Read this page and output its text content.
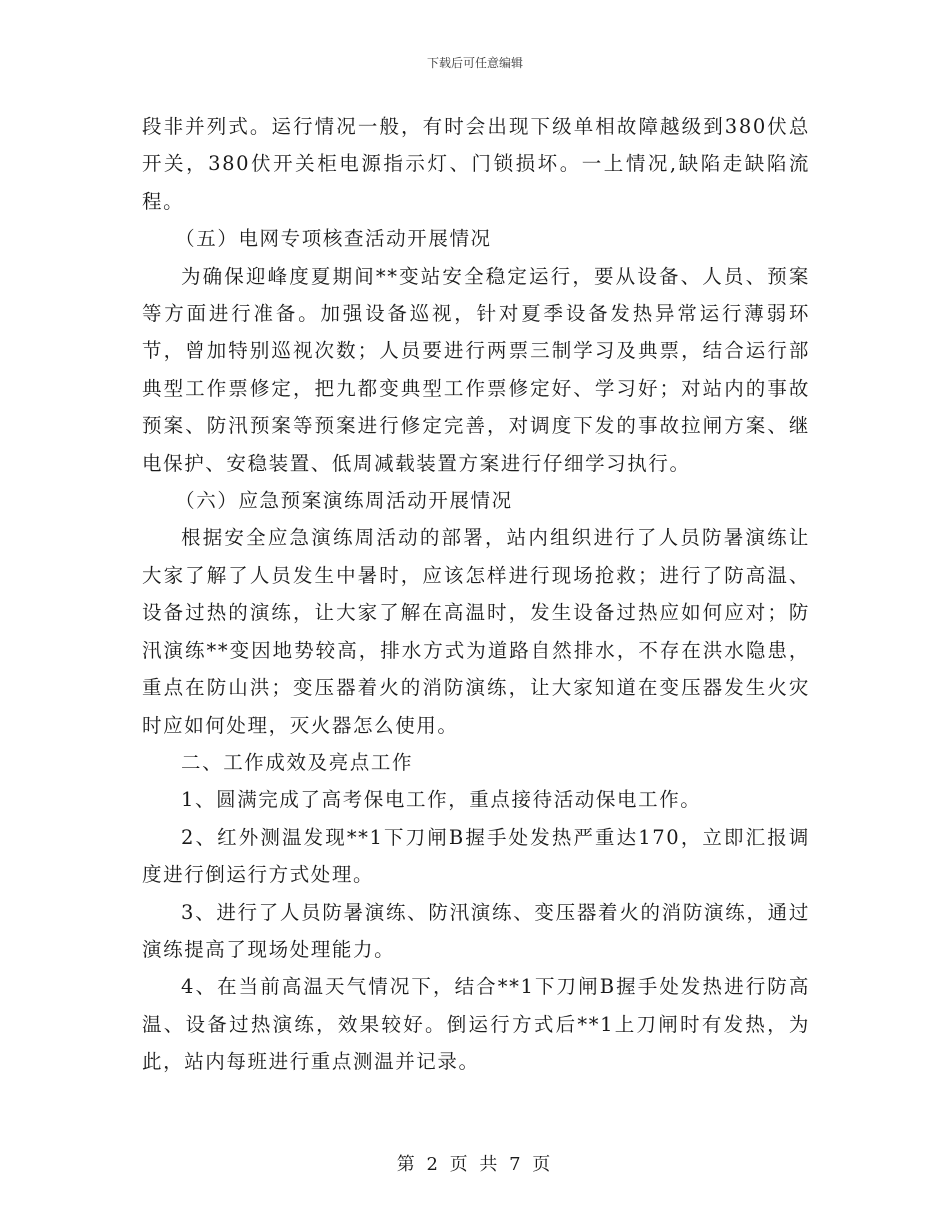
下载后可任意编辑

段非并列式。运行情况一般，有时会出现下级单相故障越级到380伏总开关，380伏开关柜电源指示灯、门锁损坏。一上情况,缺陷走缺陷流程。

（五）电网专项核查活动开展情况

为确保迎峰度夏期间**变站安全稳定运行，要从设备、人员、预案等方面进行准备。加强设备巡视，针对夏季设备发热异常运行薄弱环节，曾加特别巡视次数；人员要进行两票三制学习及典票，结合运行部典型工作票修定，把九都变典型工作票修定好、学习好；对站内的事故预案、防汛预案等预案进行修定完善，对调度下发的事故拉闸方案、继电保护、安稳装置、低周减载装置方案进行仔细学习执行。

（六）应急预案演练周活动开展情况

根据安全应急演练周活动的部署，站内组织进行了人员防暑演练让大家了解了人员发生中暑时，应该怎样进行现场抢救；进行了防高温、设备过热的演练，让大家了解在高温时，发生设备过热应如何应对；防汛演练**变因地势较高，排水方式为道路自然排水，不存在洪水隐患，重点在防山洪；变压器着火的消防演练，让大家知道在变压器发生火灾时应如何处理，灭火器怎么使用。

二、工作成效及亮点工作

1、圆满完成了高考保电工作，重点接待活动保电工作。

2、红外测温发现**1下刀闸B握手处发热严重达170，立即汇报调度进行倒运行方式处理。

3、进行了人员防暑演练、防汛演练、变压器着火的消防演练，通过演练提高了现场处理能力。

4、在当前高温天气情况下，结合**1下刀闸B握手处发热进行防高温、设备过热演练，效果较好。倒运行方式后**1上刀闸时有发热，为此，站内每班进行重点测温并记录。

第 2 页 共 7 页
